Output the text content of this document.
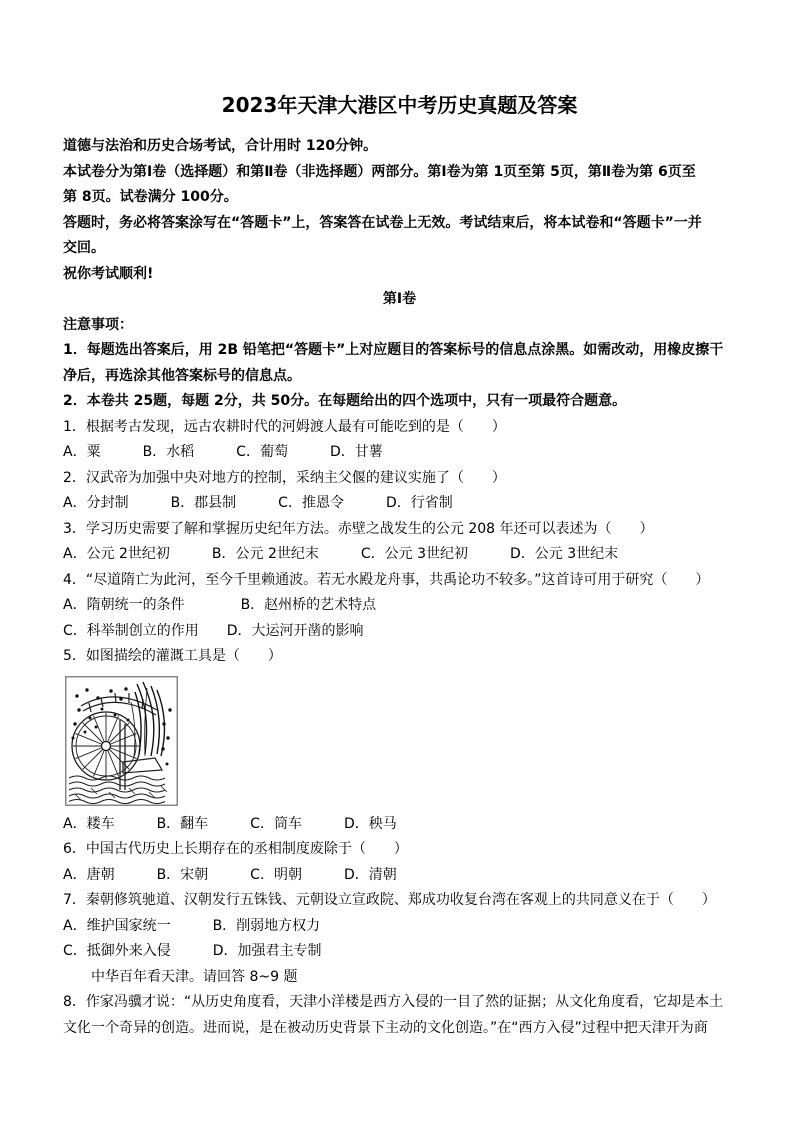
2023年天津大港区中考历史真题及答案
道德与法治和历史合场考试，合计用时 120分钟。
本试卷分为第Ⅰ卷（选择题）和第Ⅱ卷（非选择题）两部分。第Ⅰ卷为第 1页至第 5页，第Ⅱ卷为第 6页至
第 8页。试卷满分 100分。
答题时，务必将答案涂写在“答题卡”上，答案答在试卷上无效。考试结束后，将本试卷和“答题卡”一并
交回。
祝你考试顺利!
第Ⅰ卷
注意事项：
1．每题选出答案后，用 2B 铅笔把“答题卡”上对应题目的答案标号的信息点涂黑。如需改动，用橡皮擦干
净后，再选涂其他答案标号的信息点。
2．本卷共 25题，每题 2分，共 50分。在每题给出的四个选项中，只有一项最符合题意。
1．根据考古发现，远古农耕时代的河姆渡人最有可能吃到的是（　　）
A．粟　　　B．水稻　　　C．葡萄　　　D．甘薯
2．汉武帝为加强中央对地方的控制，采纳主父偃的建议实施了（　　）
A．分封制　　　B．郡县制　　　C．推恩令　　　D．行省制
3．学习历史需要了解和掌握历史纪年方法。赤壁之战发生的公元 208 年还可以表述为（　　）
A．公元 2世纪初　　　B．公元 2世纪末　　　C．公元 3世纪初　　　D．公元 3世纪末
4．“尽道隋亡为此河，至今千里赖通波。若无水殿龙舟事，共禹论功不较多。”这首诗可用于研究（　　）
A．隋朝统一的条件　　　　B．赵州桥的艺术特点
C．科举制创立的作用　　D．大运河开凿的影响
5．如图描绘的灌溉工具是（　　）
A．耧车　　　B．翻车　　　C．筒车　　　D．秧马
6．中国古代历史上长期存在的丞相制度废除于（　　）
A．唐朝　　　B．宋朝　　　C．明朝　　　D．清朝
7．秦朝修筑驰道、汉朝发行五铢钱、元朝设立宣政院、郑成功收复台湾在客观上的共同意义在于（　　）
A．维护国家统一　　　B．削弱地方权力
C．抵御外来入侵　　　D．加强君主专制
中华百年看天津。请回答 8~9 题
8．作家冯骥才说：“从历史角度看，天津小洋楼是西方入侵的一目了然的证据；从文化角度看，它却是本土
文化一个奇异的创造。进而说，是在被动历史背景下主动的文化创造。”在“西方入侵”过程中把天津开为商
